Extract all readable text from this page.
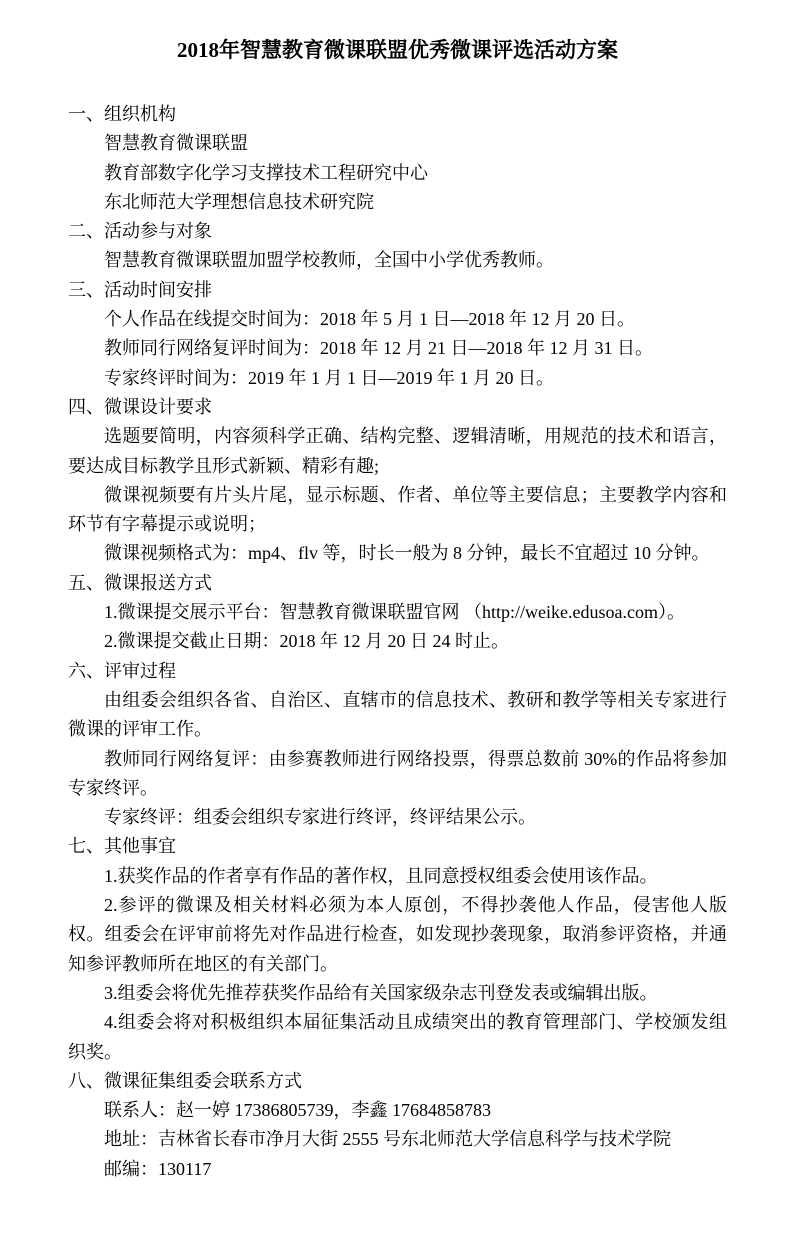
2018年智慧教育微课联盟优秀微课评选活动方案

一、组织机构

智慧教育微课联盟

教育部数字化学习支撑技术工程研究中心

东北师范大学理想信息技术研究院

二、活动参与对象

智慧教育微课联盟加盟学校教师，全国中小学优秀教师。

三、活动时间安排

个人作品在线提交时间为：2018 年 5 月 1 日—2018 年 12 月 20 日。

教师同行网络复评时间为：2018 年 12 月 21 日—2018 年 12 月 31 日。

专家终评时间为：2019 年 1 月 1 日—2019 年 1 月 20 日。

四、微课设计要求

选题要简明，内容须科学正确、结构完整、逻辑清晰，用规范的技术和语言，要达成目标教学且形式新颖、精彩有趣;

微课视频要有片头片尾，显示标题、作者、单位等主要信息；主要教学内容和环节有字幕提示或说明；

微课视频格式为：mp4、flv 等，时长一般为 8 分钟，最长不宜超过 10 分钟。

五、微课报送方式

1.微课提交展示平台：智慧教育微课联盟官网 （http://weike.edusoa.com）。

2.微课提交截止日期：2018 年 12 月 20 日 24 时止。

六、评审过程

由组委会组织各省、自治区、直辖市的信息技术、教研和教学等相关专家进行微课的评审工作。

教师同行网络复评：由参赛教师进行网络投票，得票总数前 30%的作品将参加专家终评。

专家终评：组委会组织专家进行终评，终评结果公示。

七、其他事宜

1.获奖作品的作者享有作品的著作权，且同意授权组委会使用该作品。

2.参评的微课及相关材料必须为本人原创，不得抄袭他人作品，侵害他人版权。组委会在评审前将先对作品进行检查，如发现抄袭现象，取消参评资格，并通知参评教师所在地区的有关部门。

3.组委会将优先推荐获奖作品给有关国家级杂志刊登发表或编辑出版。

4.组委会将对积极组织本届征集活动且成绩突出的教育管理部门、学校颁发组织奖。

八、微课征集组委会联系方式

联系人：赵一婷 17386805739，李鑫 17684858783

地址：吉林省长春市净月大街 2555 号东北师范大学信息科学与技术学院

邮编：130117
